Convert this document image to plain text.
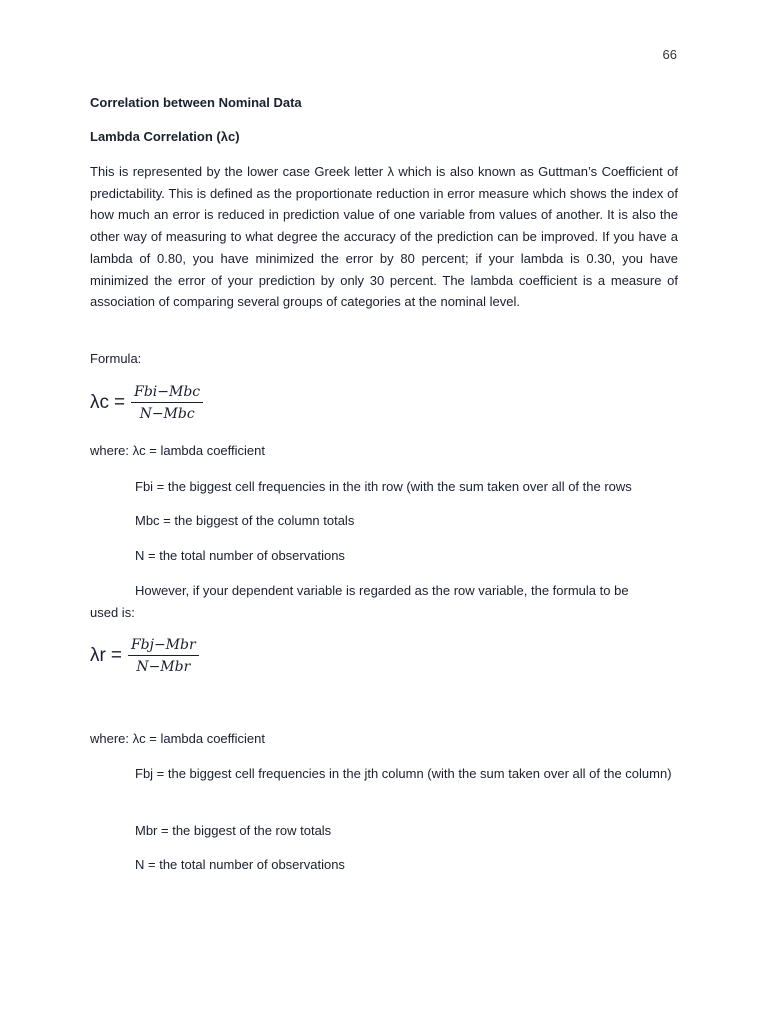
66
Correlation between Nominal Data
Lambda Correlation (λc)
This is represented by the lower case Greek letter λ which is also known as Guttman’s Coefficient of predictability. This is defined as the proportionate reduction in error measure which shows the index of how much an error is reduced in prediction value of one variable from values of another. It is also the other way of measuring to what degree the accuracy of the prediction can be improved. If you have a lambda of 0.80, you have minimized the error by 80 percent; if your lambda is 0.30, you have minimized the error of your prediction by only 30 percent. The lambda coefficient is a measure of association of comparing several groups of categories at the nominal level.
Formula:
$\lambda c = \frac{\text{Fbi−Mbc}}{\text{N−Mbc}}$
where: λc = lambda coefficient
Fbi = the biggest cell frequencies in the ith row (with the sum taken over all of the rows
Mbc = the biggest of the column totals
N = the total number of observations
However, if your dependent variable is regarded as the row variable, the formula to be
used is:
$\lambda r = \frac{\text{Fbj−Mbr}}{\text{N−Mbr}}$
where: λc = lambda coefficient
Fbj = the biggest cell frequencies in the jth column (with the sum taken over all of the column)
Mbr = the biggest of the row totals
N = the total number of observations
